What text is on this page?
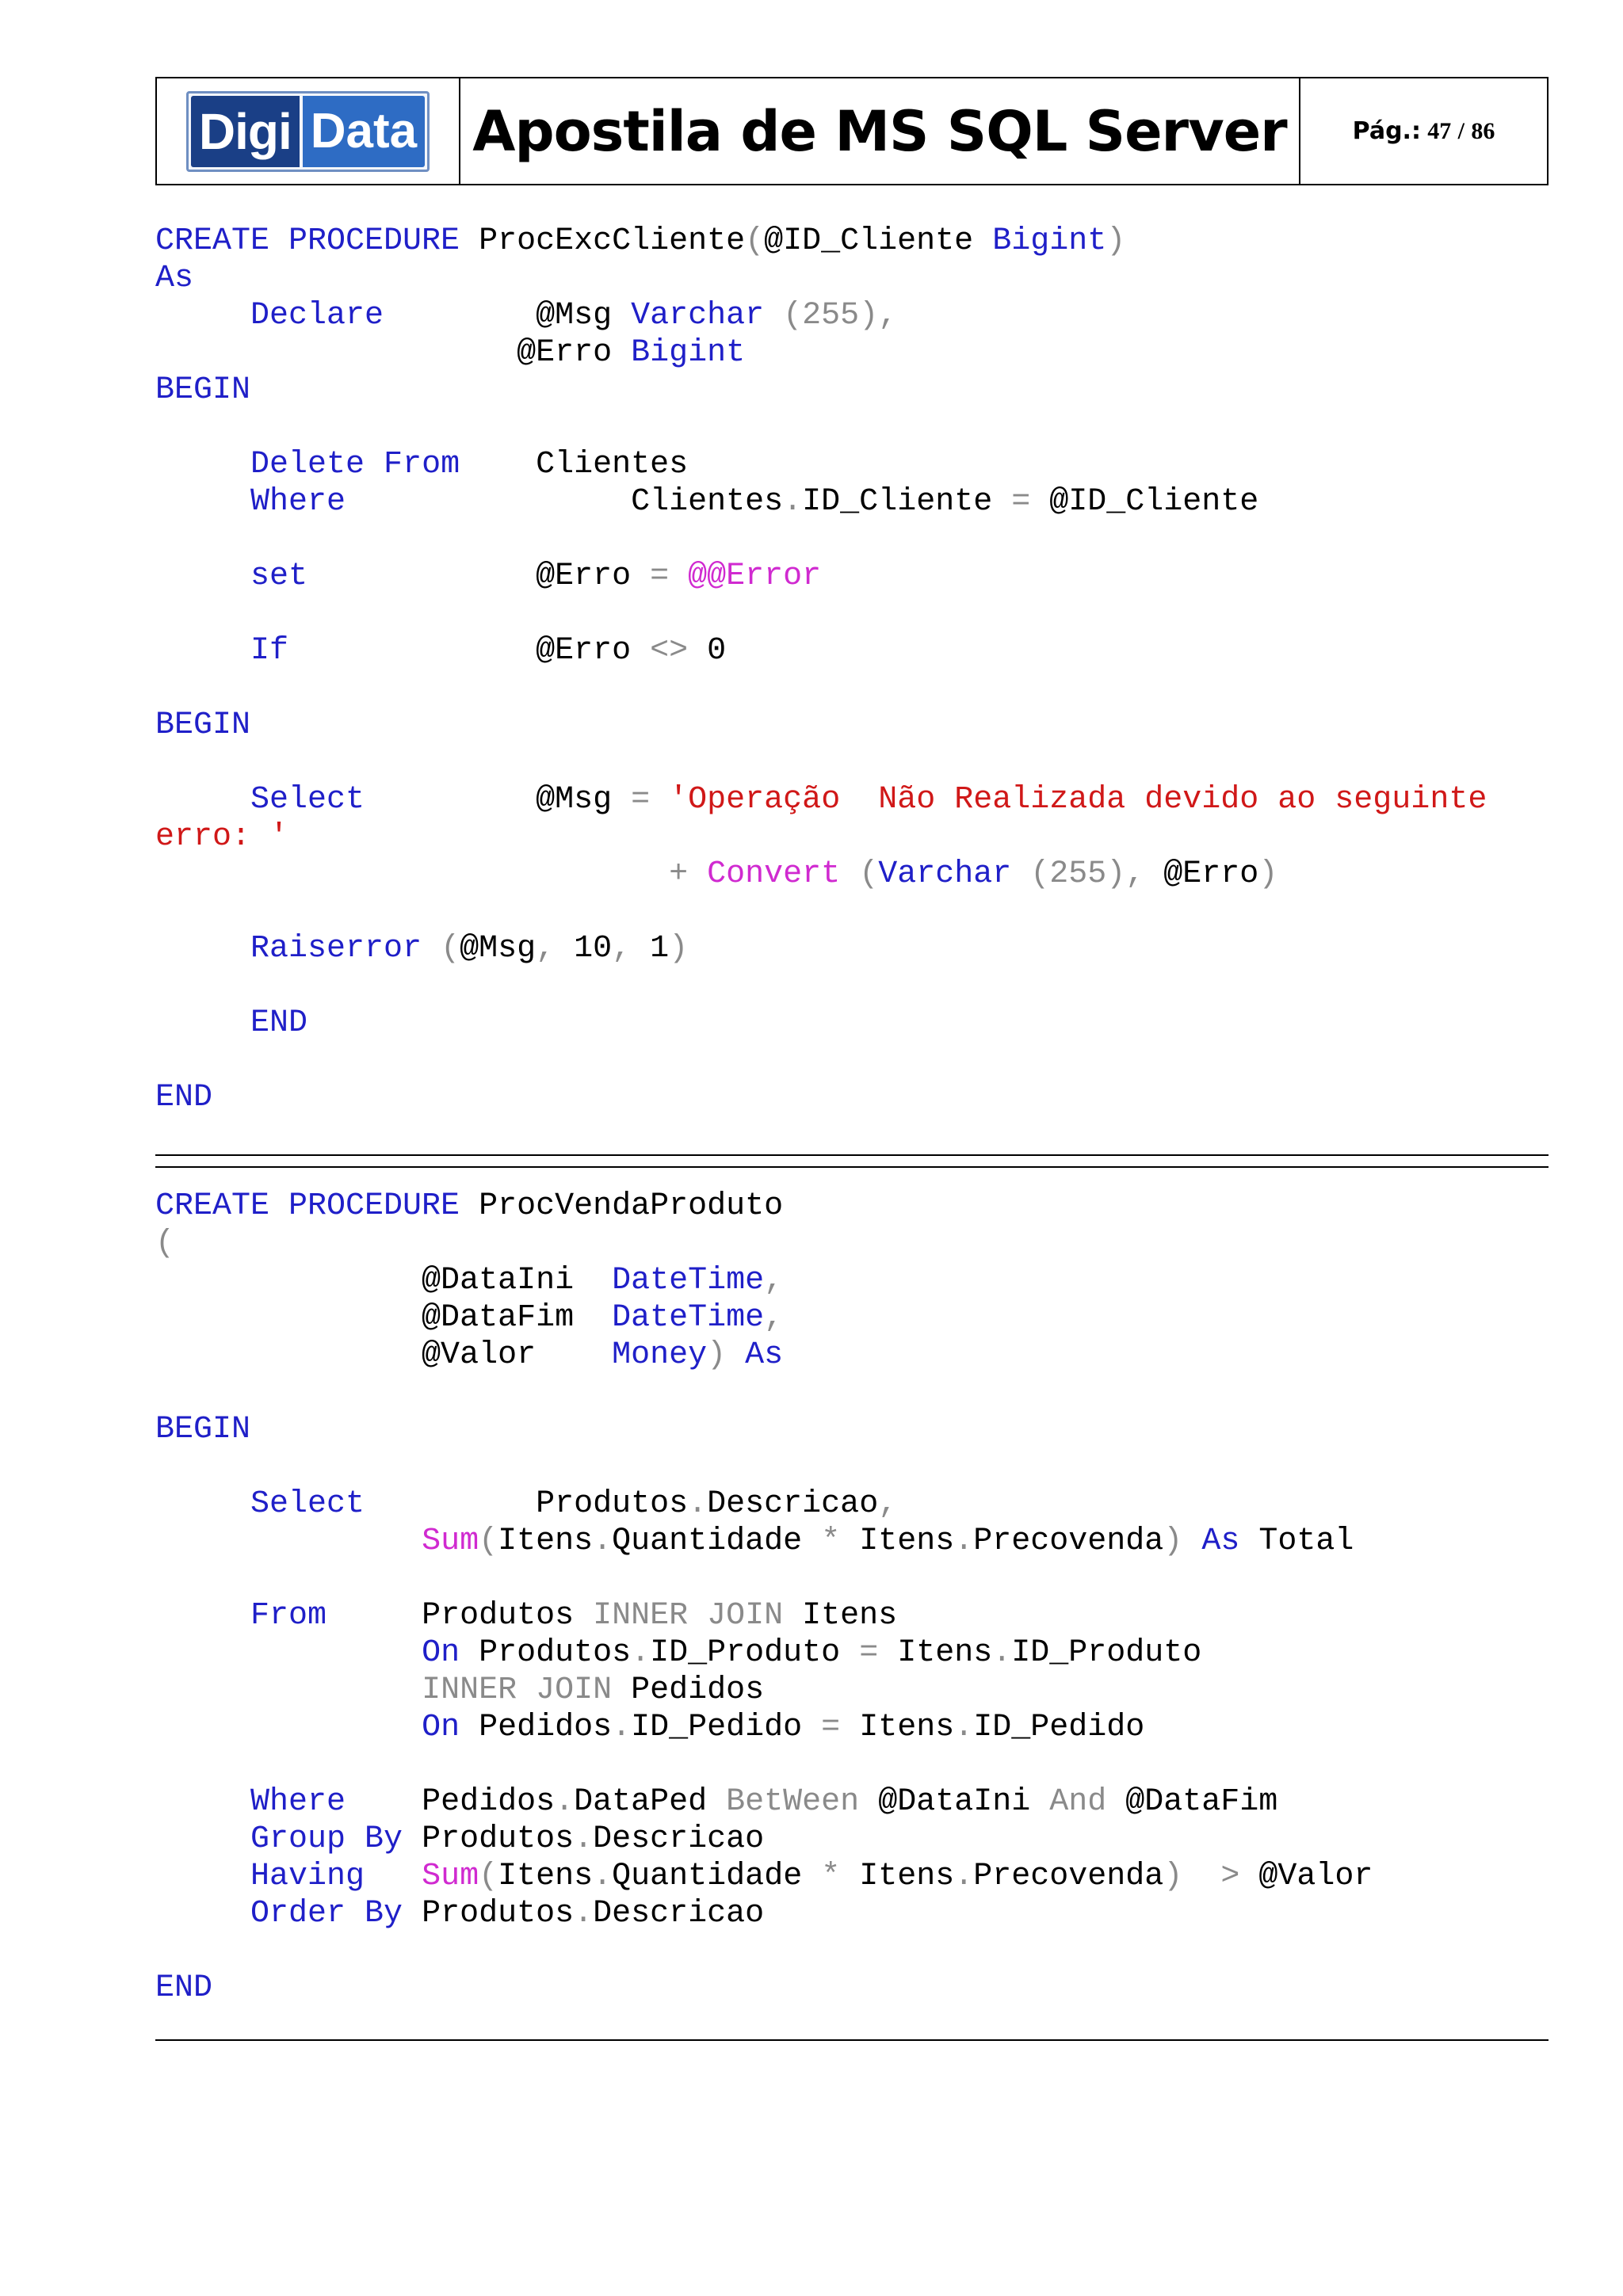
Digi Data Apostila de MS SQL Server	Pág.:
47
/
86
CREATE PROCEDURE ProcExcCliente(@ID_Cliente Bigint)
As
Declare        @Msg Varchar (255),
@Erro Bigint
BEGIN
Delete From    Clientes
Where               Clientes.ID_Cliente = @ID_Cliente
set            @Erro = @@Error
If             @Erro <> 0
BEGIN
Select         @Msg = 'Operação  Não Realizada devido ao seguinte
erro: '
+ Convert (Varchar (255), @Erro)
Raiserror (@Msg, 10, 1)
END
END
CREATE PROCEDURE ProcVendaProduto
(
@DataIni  DateTime,
@DataFim  DateTime,
@Valor    Money) As
BEGIN
Select         Produtos.Descricao,
Sum(Itens.Quantidade * Itens.Precovenda) As Total
From     Produtos INNER JOIN Itens
On Produtos.ID_Produto = Itens.ID_Produto
INNER JOIN Pedidos
On Pedidos.ID_Pedido = Itens.ID_Pedido
Where    Pedidos.DataPed BetWeen @DataIni And @DataFim
Group By Produtos.Descricao
Having Sum(Itens.Quantidade * Itens.Precovenda) > @Valor
Order By Produtos.Descricao
END
